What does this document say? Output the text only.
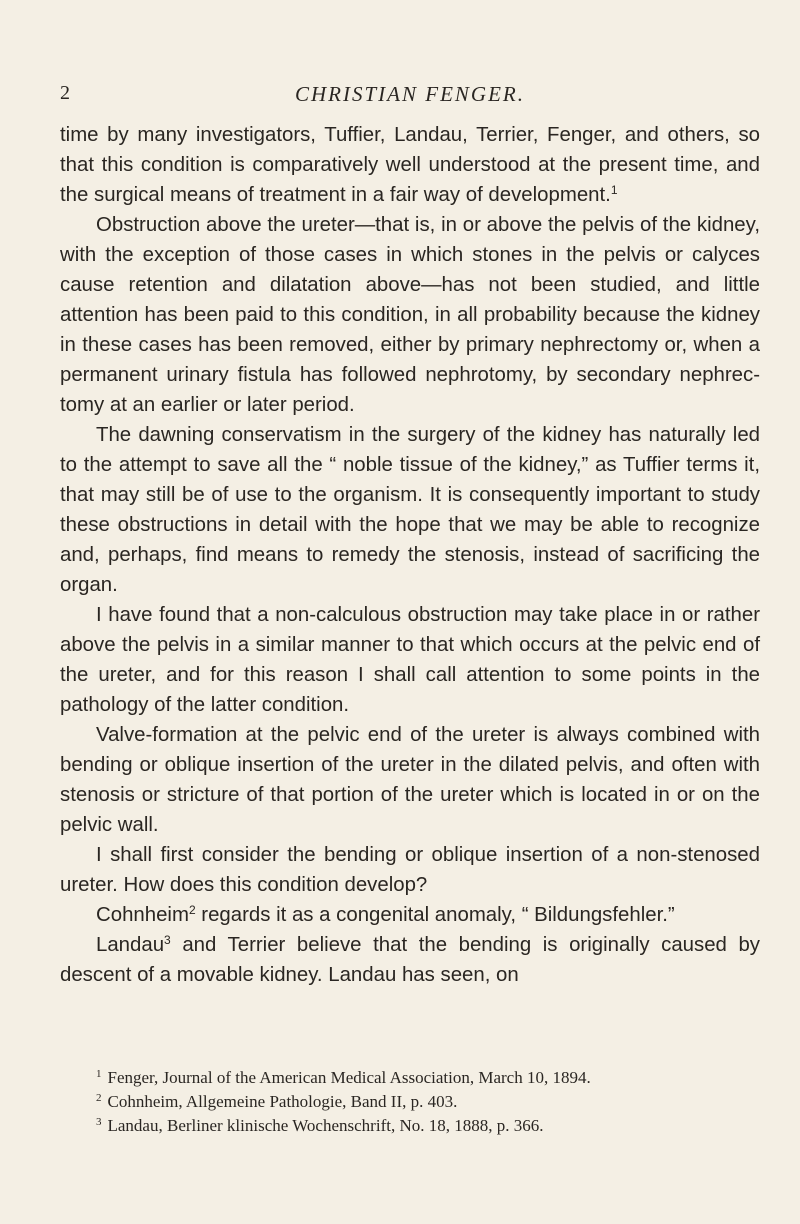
2	CHRISTIAN FENGER.

time by many investigators, Tuffier, Landau, Terrier, Fenger, and others, so that this condition is comparatively well understood at the present time, and the surgical means of treatment in a fair way of development.$^1$

Obstruction above the ureter—that is, in or above the pelvis of the kidney, with the exception of those cases in which stones in the pelvis or calyces cause retention and dilatation above—has not been studied, and little attention has been paid to this condition, in all probability because the kidney in these cases has been removed, either by primary nephrectomy or, when a permanent urinary fistula has followed nephrotomy, by secondary nephrectomy at an earlier or later period.

The dawning conservatism in the surgery of the kidney has naturally led to the attempt to save all the “ noble tissue of the kidney,” as Tuffier terms it, that may still be of use to the organism. It is consequently important to study these obstructions in detail with the hope that we may be able to recognize and, perhaps, find means to remedy the stenosis, instead of sacrificing the organ.

I have found that a non-calculous obstruction may take place in or rather above the pelvis in a similar manner to that which occurs at the pelvic end of the ureter, and for this reason I shall call attention to some points in the pathology of the latter condition.

Valve-formation at the pelvic end of the ureter is always combined with bending or oblique insertion of the ureter in the dilated pelvis, and often with stenosis or stricture of that portion of the ureter which is located in or on the pelvic wall.

I shall first consider the bending or oblique insertion of a non-stenosed ureter. How does this condition develop?

Cohnheim$^2$ regards it as a congenital anomaly, “ Bildungsfehler.”

Landau$^3$ and Terrier believe that the bending is originally caused by descent of a movable kidney. Landau has seen, on

$^1$ Fenger, Journal of the American Medical Association, March 10, 1894.

$^2$ Cohnheim, Allgemeine Pathologie, Band II, p. 403.

$^3$ Landau, Berliner klinische Wochenschrift, No. 18, 1888, p. 366.
